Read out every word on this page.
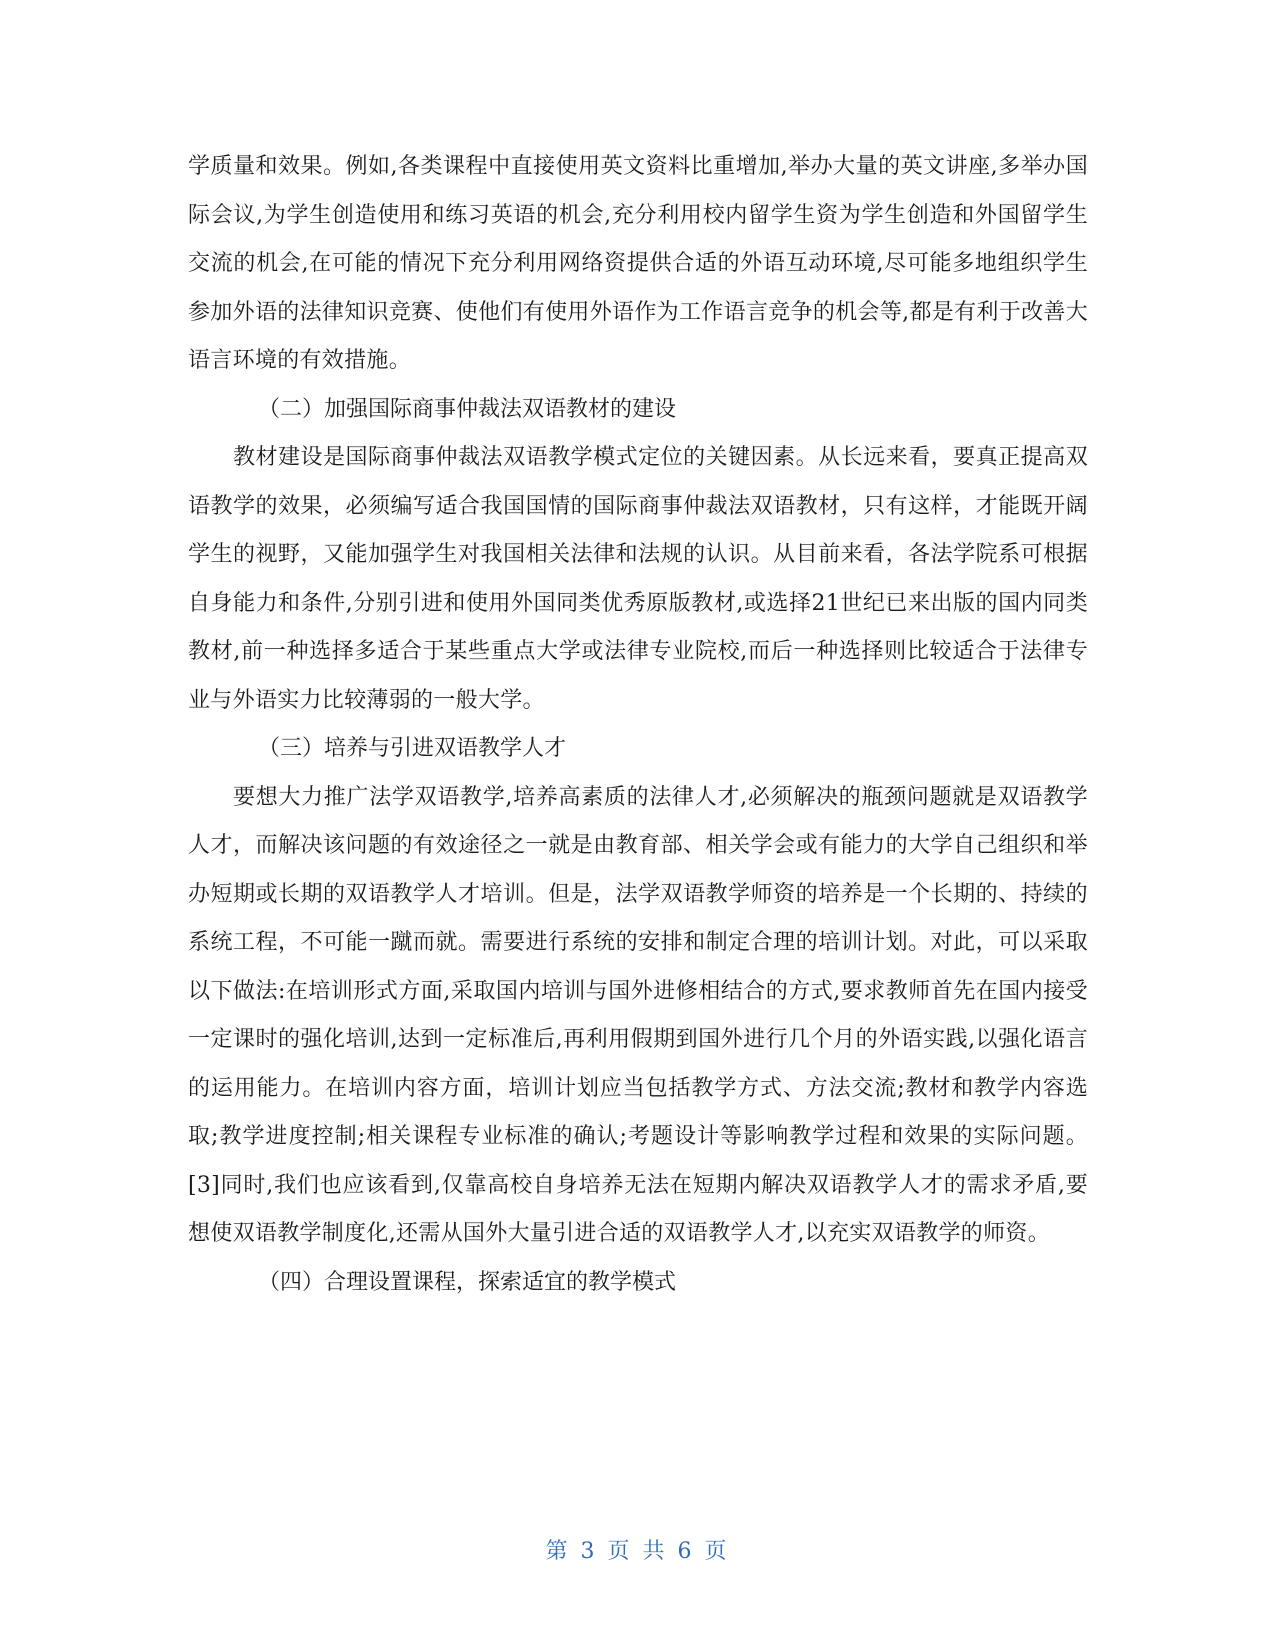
学质量和效果。例如,各类课程中直接使用英文资料比重增加,举办大量的英文讲座,多举办国际会议,为学生创造使用和练习英语的机会,充分利用校内留学生资为学生创造和外国留学生交流的机会,在可能的情况下充分利用网络资提供合适的外语互动环境,尽可能多地组织学生参加外语的法律知识竞赛、使他们有使用外语作为工作语言竞争的机会等,都是有利于改善大语言环境的有效措施。

（二）加强国际商事仲裁法双语教材的建设

教材建设是国际商事仲裁法双语教学模式定位的关键因素。从长远来看，要真正提高双语教学的效果，必须编写适合我国国情的国际商事仲裁法双语教材，只有这样，才能既开阔学生的视野，又能加强学生对我国相关法律和法规的认识。从目前来看，各法学院系可根据自身能力和条件,分别引进和使用外国同类优秀原版教材,或选择21世纪已来出版的国内同类教材,前一种选择多适合于某些重点大学或法律专业院校,而后一种选择则比较适合于法律专业与外语实力比较薄弱的一般大学。

（三）培养与引进双语教学人才

要想大力推广法学双语教学,培养高素质的法律人才,必须解决的瓶颈问题就是双语教学人才，而解决该问题的有效途径之一就是由教育部、相关学会或有能力的大学自己组织和举办短期或长期的双语教学人才培训。但是，法学双语教学师资的培养是一个长期的、持续的系统工程，不可能一蹴而就。需要进行系统的安排和制定合理的培训计划。对此，可以采取以下做法:在培训形式方面,采取国内培训与国外进修相结合的方式,要求教师首先在国内接受一定课时的强化培训,达到一定标准后,再利用假期到国外进行几个月的外语实践,以强化语言的运用能力。在培训内容方面，培训计划应当包括教学方式、方法交流;教材和教学内容选取;教学进度控制;相关课程专业标准的确认;考题设计等影响教学过程和效果的实际问题。[3]同时,我们也应该看到,仅靠高校自身培养无法在短期内解决双语教学人才的需求矛盾,要想使双语教学制度化,还需从国外大量引进合适的双语教学人才,以充实双语教学的师资。

（四）合理设置课程，探索适宜的教学模式

第 3 页 共 6 页
